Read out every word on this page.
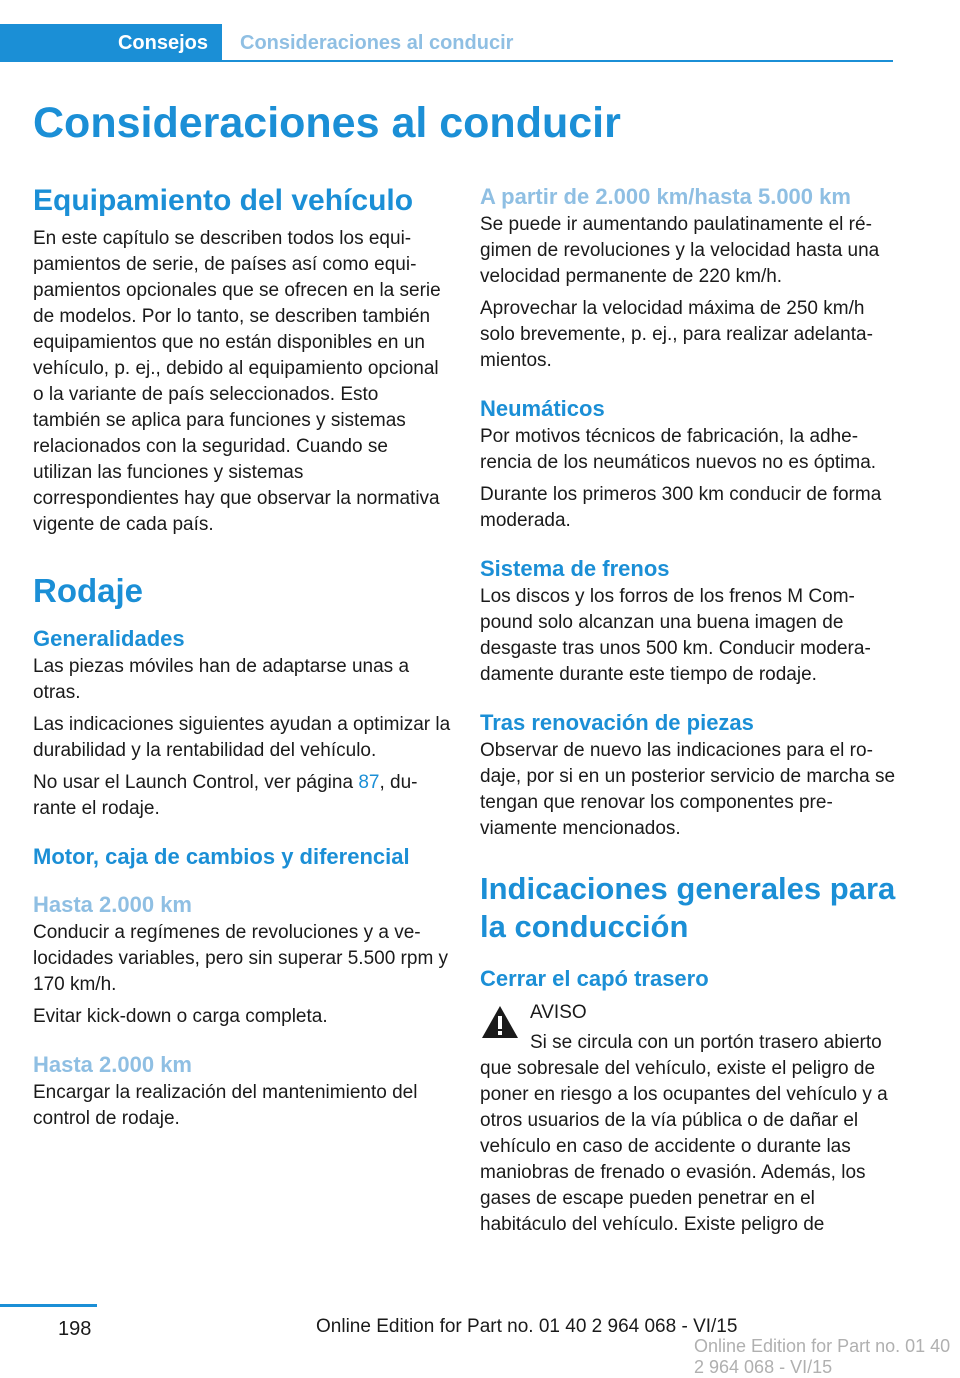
Consejos	Consideraciones al conducir
Consideraciones al conducir
Equipamiento del vehículo

En este capítulo se describen todos los equipamientos de serie, de países así como equipamientos opcionales que se ofrecen en la serie de modelos. Por lo tanto, se describen también equipamientos que no están disponibles en un vehículo, p. ej., debido al equipamiento opcional o la variante de país seleccionados. Esto también se aplica para funciones y sistemas relacionados con la seguridad. Cuando se utilizan las funciones y sistemas correspondientes hay que observar la normativa vigente de cada país.

Rodaje
Generalidades

Las piezas móviles han de adaptarse unas a otras.

Las indicaciones siguientes ayudan a optimizar la durabilidad y la rentabilidad del vehículo.

No usar el Launch Control, ver página 87, durante el rodaje.

Motor, caja de cambios y diferencial
Hasta 2.000 km

Conducir a regímenes de revoluciones y a velocidades variables, pero sin superar 5.500 rpm y 170 km/h.

Evitar kick-down o carga completa.

Hasta 2.000 km

Encargar la realización del mantenimiento del control de rodaje.

A partir de 2.000 km/hasta 5.000 km

Se puede ir aumentando paulatinamente el régimen de revoluciones y la velocidad hasta una velocidad permanente de 220 km/h.

Aprovechar la velocidad máxima de 250 km/h solo brevemente, p. ej., para realizar adelantamientos.

Neumáticos

Por motivos técnicos de fabricación, la adherencia de los neumáticos nuevos no es óptima.

Durante los primeros 300 km conducir de forma moderada.

Sistema de frenos

Los discos y los forros de los frenos M Compound solo alcanzan una buena imagen de desgaste tras unos 500 km. Conducir moderadamente durante este tiempo de rodaje.

Tras renovación de piezas

Observar de nuevo las indicaciones para el rodaje, por si en un posterior servicio de marcha se tengan que renovar los componentes previamente mencionados.

Indicaciones generales para la conducción
Cerrar el capó trasero
AVISO

Si se circula con un portón trasero abierto que sobresale del vehículo, existe el peligro de poner en riesgo a los ocupantes del vehículo y a otros usuarios de la vía pública o de dañar el vehículo en caso de accidente o durante las maniobras de frenado o evasión. Además, los gases de escape pueden penetrar en el habitáculo del vehículo. Existe peligro de

198	Online Edition for Part no. 01 40 2 964 068 - VI/15
Online Edition for Part no. 01 40 2 964 068 - VI/15
